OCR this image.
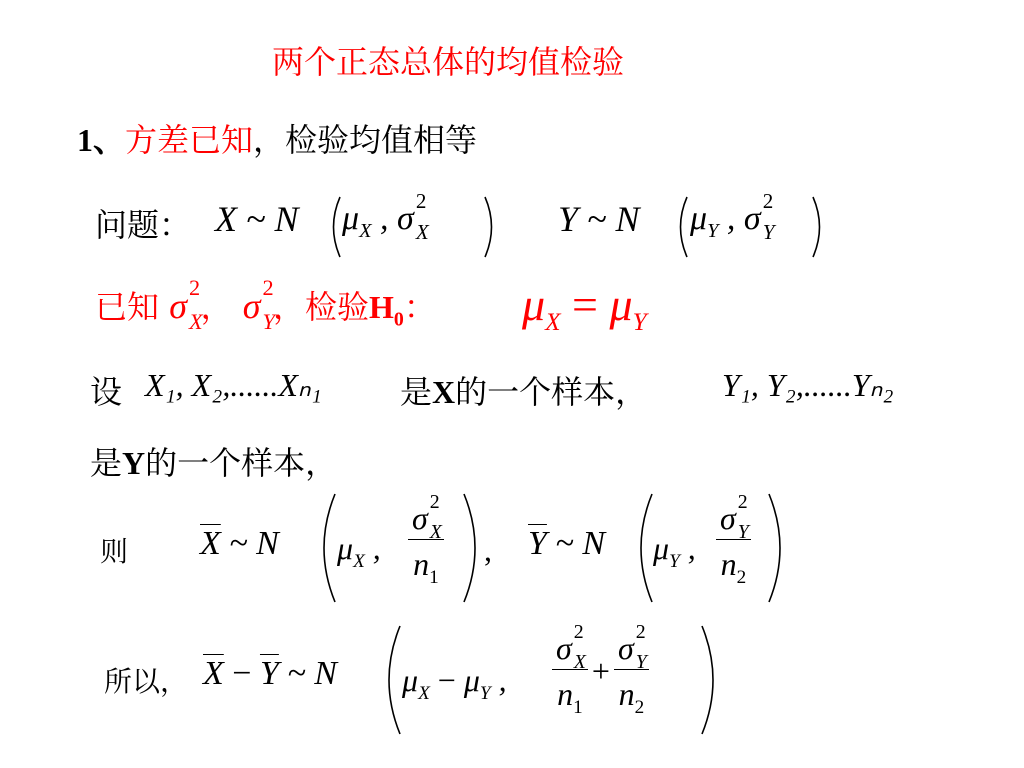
两个正态总体的均值检验
1、方差已知，检验均值相等
问题： X ~ N $\mu_X$ , σ 2
X	Y ~ N $\mu_Y$ , σ 2
Y
已知 σ 2
X， σ 2
Y，检验$H_0$： $\mu_X = \mu_Y$
设 X₁, X₂,......Xₙ₁ 是X的一个样本， Y₁, Y₂,......Yₙ₂
是Y的一个样本，
则 $\overline{X}$ ~ N $\mu_X$ , σ 2
X
$n_1$ , $\overline{Y}$ ~ N $\mu_Y$ , σ 2
Y
$n_2$
所以， $\overline{X} - \overline{Y}$ ~ N $\mu_X - \mu_Y$ , σ 2
X
$n_1 + \sigma$ 2
Y
$n_2$
